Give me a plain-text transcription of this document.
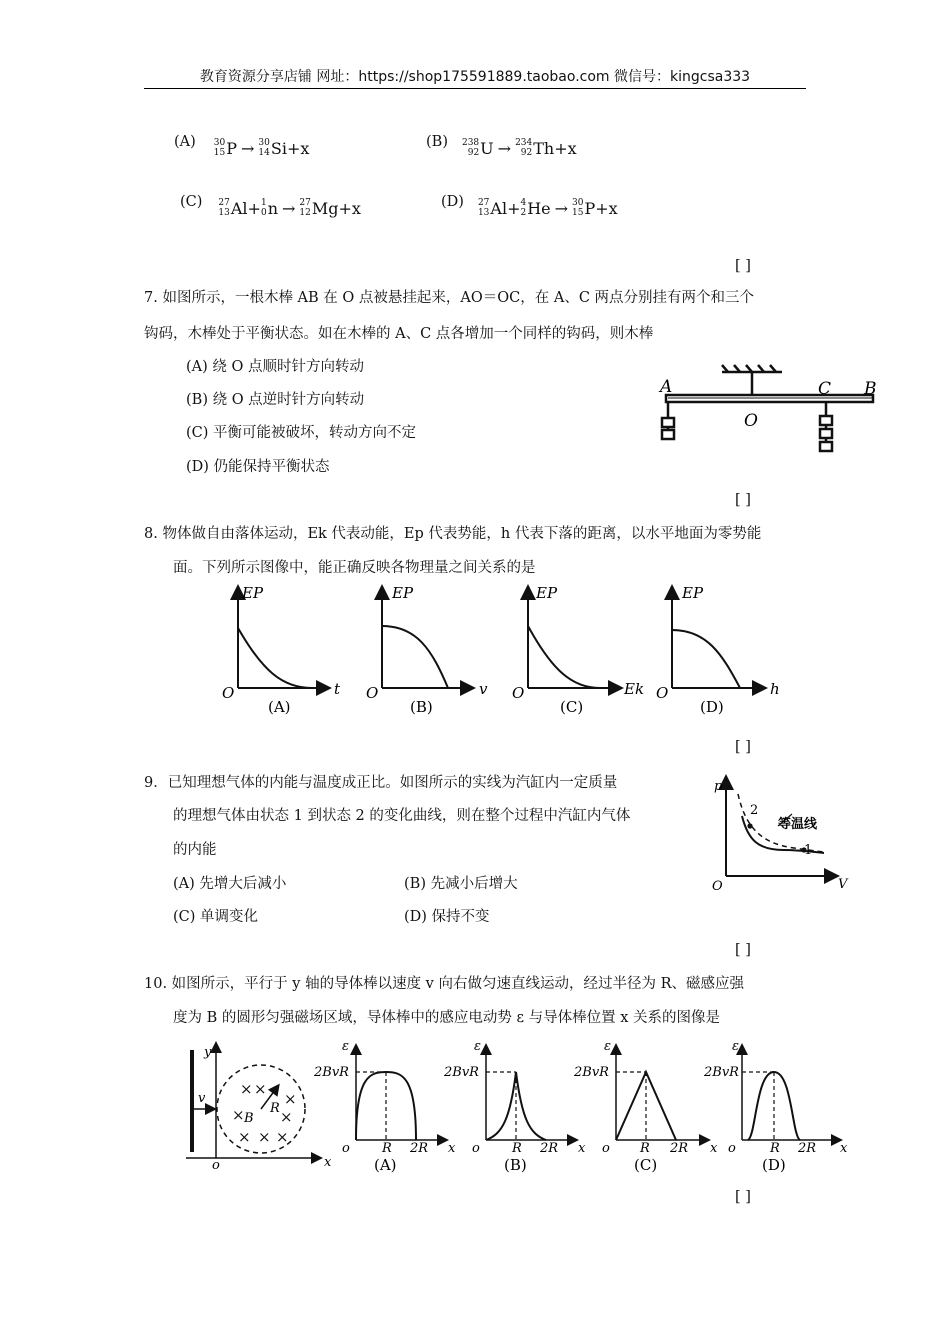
教育资源分享店铺 网址：https://shop175591889.taobao.com 微信号：kingcsa333
(A) 30
15 P → 30
14 Si +x	(B) 238
92 U → 234
92 Th +x
(C) 27
13 Al + 1
0 n → 27
12 Mg +x	(D) 27
13 Al + 4
2 He → 30
15 P +x
[ ]
7. 如图所示，一根木棒 AB 在 O 点被悬挂起来，AO＝OC，在 A、C 两点分别挂有两个和三个
钩码，木棒处于平衡状态。如在木棒的 A、C 点各增加一个同样的钩码，则木棒
(A) 绕 O 点顺时针方向转动
(B) 绕 O 点逆时针方向转动
(C) 平衡可能被破坏，转动方向不定
(D) 仍能保持平衡状态
A	C B
O
[ ]
8. 物体做自由落体运动，Ek 代表动能，Ep 代表势能，h 代表下落的距离，以水平地面为零势能
面。下列所示图像中，能正确反映各物理量之间关系的是
EP
t
O
(A)
EP
v
O
(B)
EP
Ek
O
(C)
EP
h
O
(D)
[ ]
9．已知理想气体的内能与温度成正比。如图所示的实线为汽缸内一定质量
的理想气体由状态 1 到状态 2 的变化曲线，则在整个过程中汽缸内气体
的内能
(A) 先增大后减小	(B) 先减小后增大
(C) 单调变化	(D) 保持不变
p
V
O
2
1
等温线
[ ]
10. 如图所示，平行于 y 轴的导体棒以速度 v 向右做匀速直线运动，经过半径为 R、磁感应强
度为 B 的圆形匀强磁场区域，导体棒中的感应电动势 ε 与导体棒位置 x 关系的图像是
× ×
×
× ×
× × ×
y
x
o
v
R
B
ε
2BvR
o R 2R x
(A)
ε
2BvR
o R 2R x
(B)
ε
2BvR
o R 2R x
(C)
ε
2BvR
o	R 2R x
(D)
[ ]
